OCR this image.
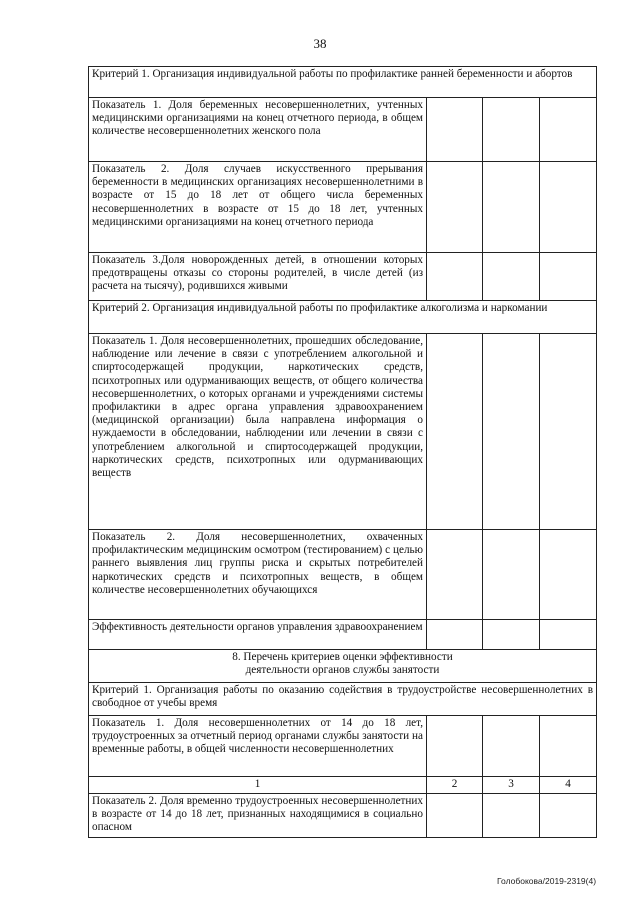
38
Критерий 1. Организация индивидуальной работы по профилактике ранней беременности и абортов			
Показатель 1. Доля беременных несовершеннолетних, учтенных медицинскими организациями на конец отчетного периода, в общем количестве несовершеннолетних женского пола			
Показатель 2. Доля случаев искусственного прерывания беременности в медицинских организациях несовершеннолетними в возрасте от 15 до 18 лет от общего числа беременных несовершеннолетних в возрасте от 15 до 18 лет, учтенных медицинскими организациями на конец отчетного периода			
Показатель 3.Доля новорожденных детей, в отношении которых предотвращены отказы со стороны родителей, в числе детей (из расчета на тысячу), родившихся живыми			
Критерий 2. Организация индивидуальной работы по профилактике алкоголизма и наркомании			
Показатель 1. Доля несовершеннолетних, прошедших обследование, наблюдение или лечение в связи с употреблением алкогольной и спиртосодержащей продукции, наркотических средств, психотропных или одурманивающих веществ, от общего количества несовершеннолетних, о которых органами и учреждениями системы профилактики в адрес органа управления здравоохранением (медицинской организации) была направлена информация о нуждаемости в обследовании, наблюдении или лечении в связи с употреблением алкогольной и спиртосодержащей продукции, наркотических средств, психотропных или одурманивающих веществ			
Показатель 2. Доля несовершеннолетних, охваченных профилактическим медицинским осмотром (тестированием) с целью раннего выявления лиц группы риска и скрытых потребителей наркотических средств и психотропных веществ, в общем количестве несовершеннолетних обучающихся			
Эффективность деятельности органов управления здравоохранением			

8. Перечень критериев оценки эффективности
деятельности органов службы занятости			

Критерий 1. Организация работы по оказанию содействия в трудоустройстве несовершеннолетних в свободное от учебы время			
Показатель 1. Доля несовершеннолетних от 14 до 18 лет, трудоустроенных за отчетный период органами службы занятости на временные работы, в общей численности несовершеннолетних			
1	2	3	4
Показатель 2. Доля временно трудоустроенных несовершеннолетних в возрасте от 14 до 18 лет, признанных находящимися в социально опасном			
Голобокова/2019-2319(4)
